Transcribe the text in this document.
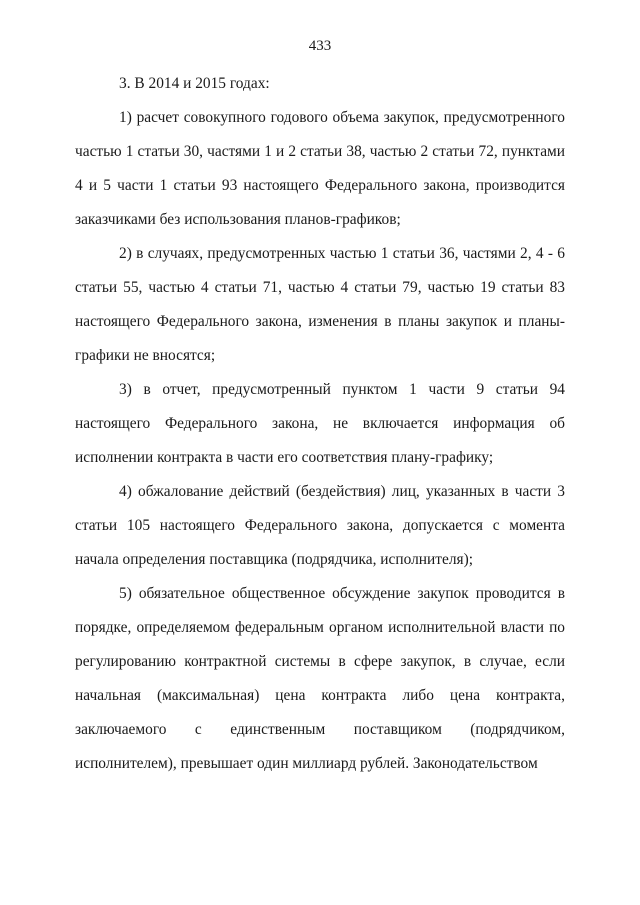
433

3. В 2014 и 2015 годах:

1) расчет совокупного годового объема закупок, предусмотренного частью 1 статьи 30, частями 1 и 2 статьи 38, частью 2 статьи 72, пунктами 4 и 5 части 1 статьи 93 настоящего Федерального закона, производится заказчиками без использования планов-графиков;

2) в случаях, предусмотренных частью 1 статьи 36, частями 2, 4 - 6 статьи 55, частью 4 статьи 71, частью 4 статьи 79, частью 19 статьи 83 настоящего Федерального закона, изменения в планы закупок и планы-графики не вносятся;

3) в отчет, предусмотренный пунктом 1 части 9 статьи 94 настоящего Федерального закона, не включается информация об исполнении контракта в части его соответствия плану-графику;

4) обжалование действий (бездействия) лиц, указанных в части 3 статьи 105 настоящего Федерального закона, допускается с момента начала определения поставщика (подрядчика, исполнителя);

5) обязательное общественное обсуждение закупок проводится в порядке, определяемом федеральным органом исполнительной власти по регулированию контрактной системы в сфере закупок, в случае, если начальная (максимальная) цена контракта либо цена контракта, заключаемого с единственным поставщиком (подрядчиком, исполнителем), превышает один миллиард рублей. Законодательством
